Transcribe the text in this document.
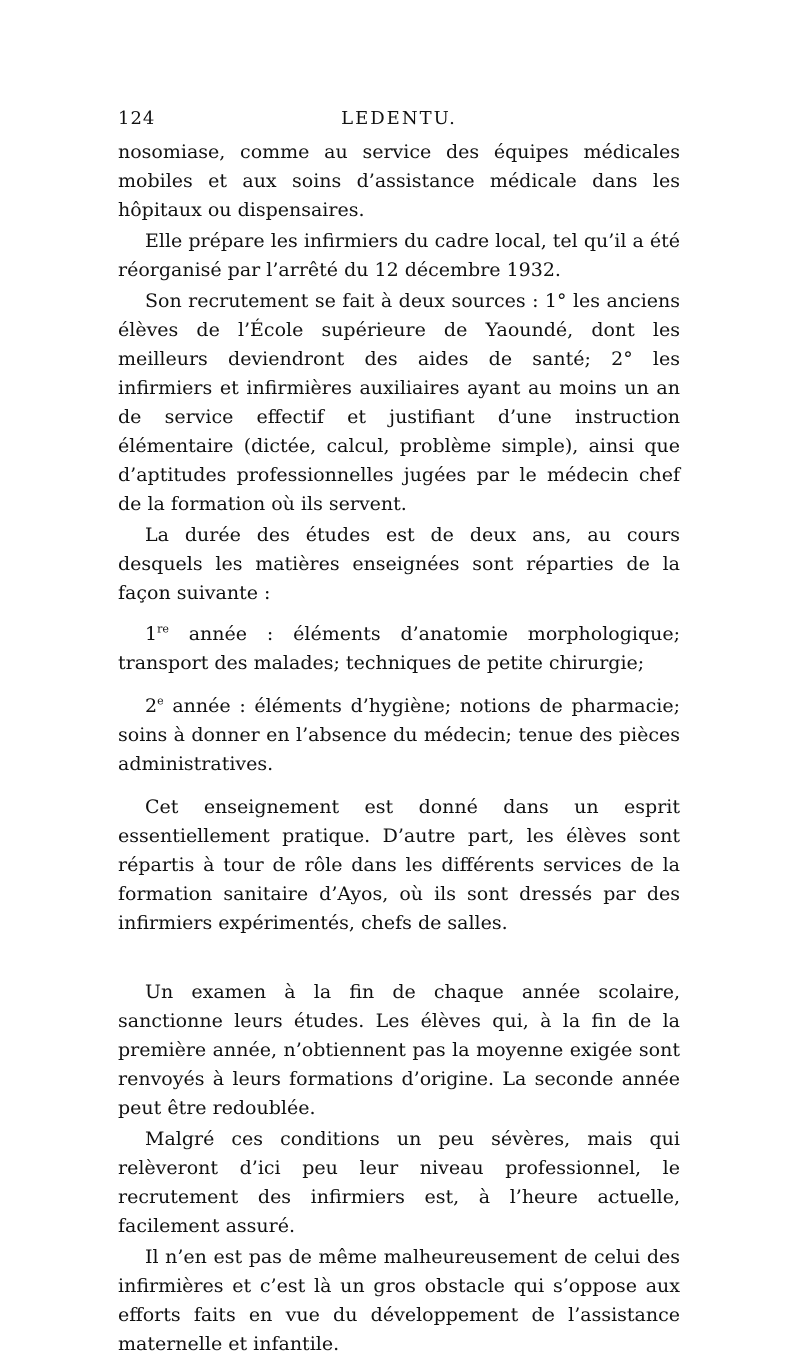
124	LEDENTU.

nosomiase, comme au service des équipes médicales mobiles et aux soins d’assistance médicale dans les hôpitaux ou dispensaires.

Elle prépare les infirmiers du cadre local, tel qu’il a été réorganisé par l’arrêté du 12 décembre 1932.

Son recrutement se fait à deux sources : 1° les anciens élèves de l’École supérieure de Yaoundé, dont les meilleurs deviendront des aides de santé; 2° les infirmiers et infirmières auxiliaires ayant au moins un an de service effectif et justifiant d’une instruction élémentaire (dictée, calcul, problème simple), ainsi que d’aptitudes professionnelles jugées par le médecin chef de la formation où ils servent.

La durée des études est de deux ans, au cours desquels les matières enseignées sont réparties de la façon suivante :

1re année : éléments d’anatomie morphologique; transport des malades; techniques de petite chirurgie;

2e année : éléments d’hygiène; notions de pharmacie; soins à donner en l’absence du médecin; tenue des pièces administratives.

Cet enseignement est donné dans un esprit essentiellement pratique. D’autre part, les élèves sont répartis à tour de rôle dans les différents services de la formation sanitaire d’Ayos, où ils sont dressés par des infirmiers expérimentés, chefs de salles.

Un examen à la fin de chaque année scolaire, sanctionne leurs études. Les élèves qui, à la fin de la première année, n’obtiennent pas la moyenne exigée sont renvoyés à leurs formations d’origine. La seconde année peut être redoublée.

Malgré ces conditions un peu sévères, mais qui relèveront d’ici peu leur niveau professionnel, le recrutement des infirmiers est, à l’heure actuelle, facilement assuré.

Il n’en est pas de même malheureusement de celui des infirmières et c’est là un gros obstacle qui s’oppose aux efforts faits en vue du développement de l’assistance maternelle et infantile.
